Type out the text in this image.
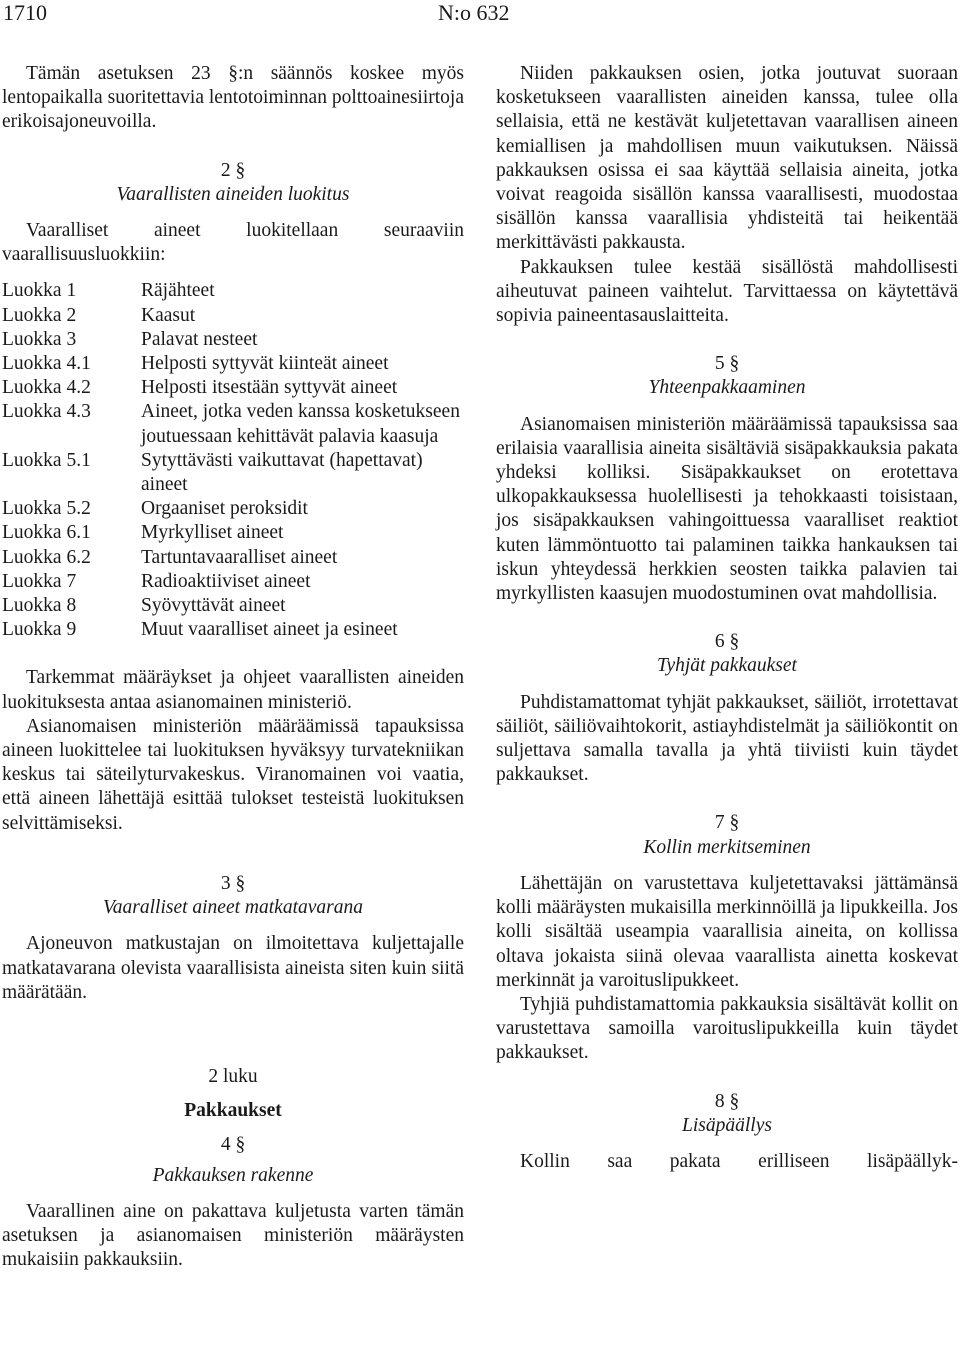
1710	N:o 632

Tämän asetuksen 23 §:n säännös koskee myös lentopaikalla suoritettavia lentotoiminnan polttoainesiirtoja erikoisajoneuvoilla.

2 §
Vaarallisten aineiden luokitus

Vaaralliset aineet luokitellaan seuraaviin vaarallisuusluokkiin:

Luokka 1	Räjähteet
Luokka 2	Kaasut
Luokka 3	Palavat nesteet
Luokka 4.1	Helposti syttyvät kiinteät aineet
Luokka 4.2	Helposti itsestään syttyvät aineet
Luokka 4.3	Aineet, jotka veden kanssa kosketukseen joutuessaan kehittävät palavia kaasuja
Luokka 5.1	Sytyttävästi vaikuttavat (hapettavat) aineet
Luokka 5.2	Orgaaniset peroksidit
Luokka 6.1	Myrkylliset aineet
Luokka 6.2	Tartuntavaaralliset aineet
Luokka 7	Radioaktiiviset aineet
Luokka 8	Syövyttävät aineet
Luokka 9	Muut vaaralliset aineet ja esineet

Tarkemmat määräykset ja ohjeet vaarallisten aineiden luokituksesta antaa asianomainen ministeriö.

Asianomaisen ministeriön määräämissä tapauksissa aineen luokittelee tai luokituksen hyväksyy turvatekniikan keskus tai säteilyturvakeskus. Viranomainen voi vaatia, että aineen lähettäjä esittää tulokset testeistä luokituksen selvittämiseksi.

3 §
Vaaralliset aineet matkatavarana

Ajoneuvon matkustajan on ilmoitettava kuljettajalle matkatavarana olevista vaarallisista aineista siten kuin siitä määrätään.

2 luku
Pakkaukset
4 §
Pakkauksen rakenne

Vaarallinen aine on pakattava kuljetusta varten tämän asetuksen ja asianomaisen ministeriön määräysten mukaisiin pakkauksiin.

Niiden pakkauksen osien, jotka joutuvat suoraan kosketukseen vaarallisten aineiden kanssa, tulee olla sellaisia, että ne kestävät kuljetettavan vaarallisen aineen kemiallisen ja mahdollisen muun vaikutuksen. Näissä pakkauksen osissa ei saa käyttää sellaisia aineita, jotka voivat reagoida sisällön kanssa vaarallisesti, muodostaa sisällön kanssa vaarallisia yhdisteitä tai heikentää merkittävästi pakkausta.

Pakkauksen tulee kestää sisällöstä mahdollisesti aiheutuvat paineen vaihtelut. Tarvittaessa on käytettävä sopivia paineentasauslaitteita.

5 §
Yhteenpakkaaminen

Asianomaisen ministeriön määräämissä tapauksissa saa erilaisia vaarallisia aineita sisältäviä sisäpakkauksia pakata yhdeksi kolliksi. Sisäpakkaukset on erotettava ulkopakkauksessa huolellisesti ja tehokkaasti toisistaan, jos sisäpakkauksen vahingoittuessa vaaralliset reaktiot kuten lämmöntuotto tai palaminen taikka hankauksen tai iskun yhteydessä herkkien seosten taikka palavien tai myrkyllisten kaasujen muodostuminen ovat mahdollisia.

6 §
Tyhjät pakkaukset

Puhdistamattomat tyhjät pakkaukset, säiliöt, irrotettavat säiliöt, säiliövaihtokorit, astiayhdistelmät ja säiliökontit on suljettava samalla tavalla ja yhtä tiiviisti kuin täydet pakkaukset.

7 §
Kollin merkitseminen

Lähettäjän on varustettava kuljetettavaksi jättämänsä kolli määräysten mukaisilla merkinnöillä ja lipukkeilla. Jos kolli sisältää useampia vaarallisia aineita, on kollissa oltava jokaista siinä olevaa vaarallista ainetta koskevat merkinnät ja varoituslipukkeet.

Tyhjiä puhdistamattomia pakkauksia sisältävät kollit on varustettava samoilla varoituslipukkeilla kuin täydet pakkaukset.

8 §
Lisäpäällys

Kollin saa pakata erilliseen lisäpäällyk-
